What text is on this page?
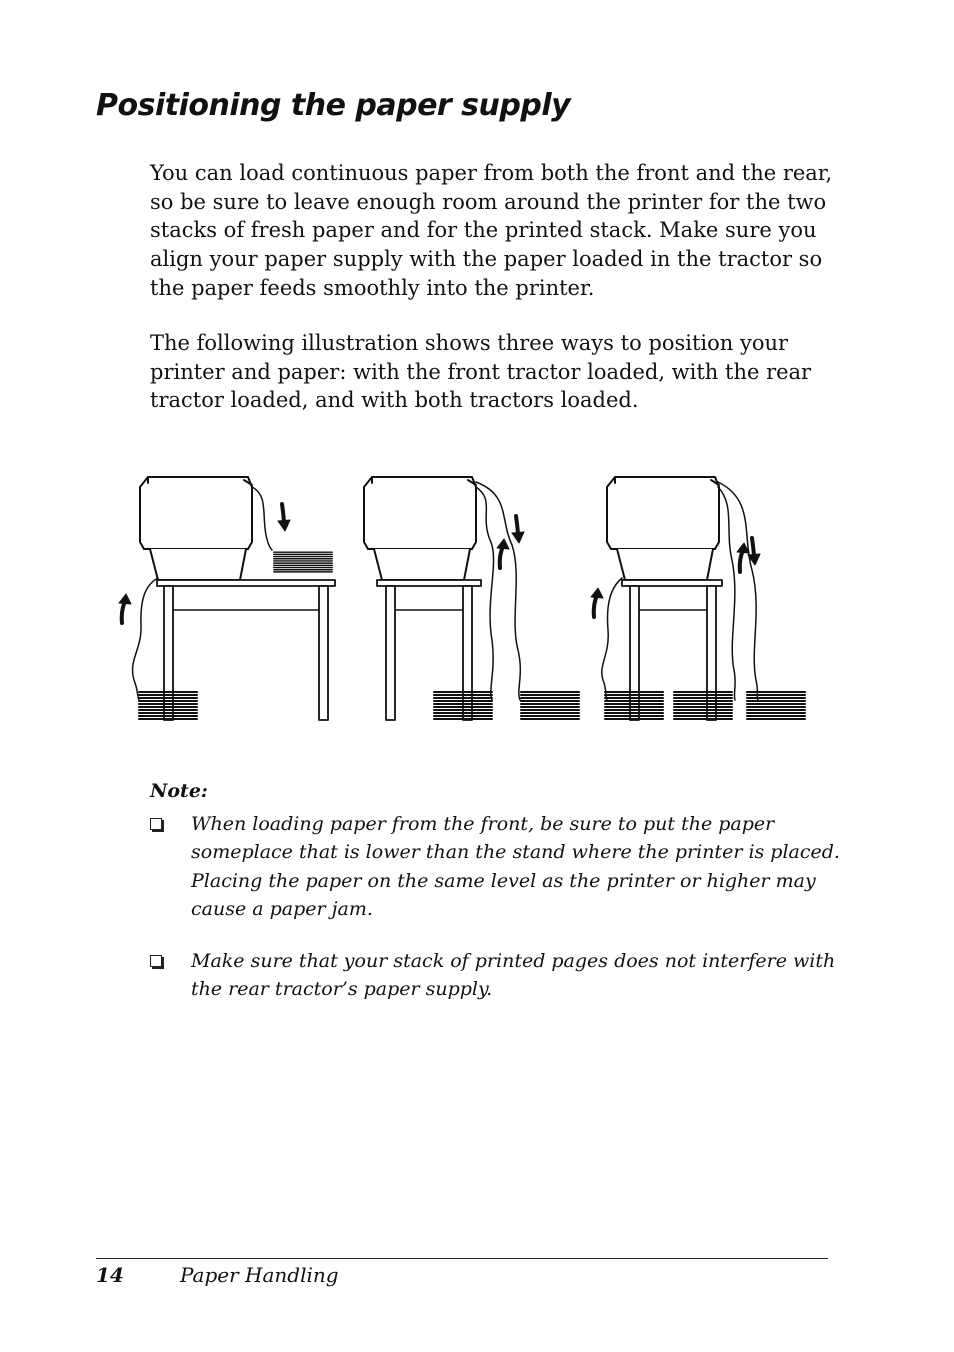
Positioning the paper supply

You can load continuous paper from both the front and the rear, so be sure to leave enough room around the printer for the two stacks of fresh paper and for the printed stack. Make sure you align your paper supply with the paper loaded in the tractor so the paper feeds smoothly into the printer.

The following illustration shows three ways to position your printer and paper: with the front tractor loaded, with the rear tractor loaded, and with both tractors loaded.

Note:

When loading paper from the front, be sure to put the paper someplace that is lower than the stand where the printer is placed. Placing the paper on the same level as the printer or higher may cause a paper jam.
Make sure that your stack of printed pages does not interfere with the rear tractor’s paper supply.
14	Paper Handling
